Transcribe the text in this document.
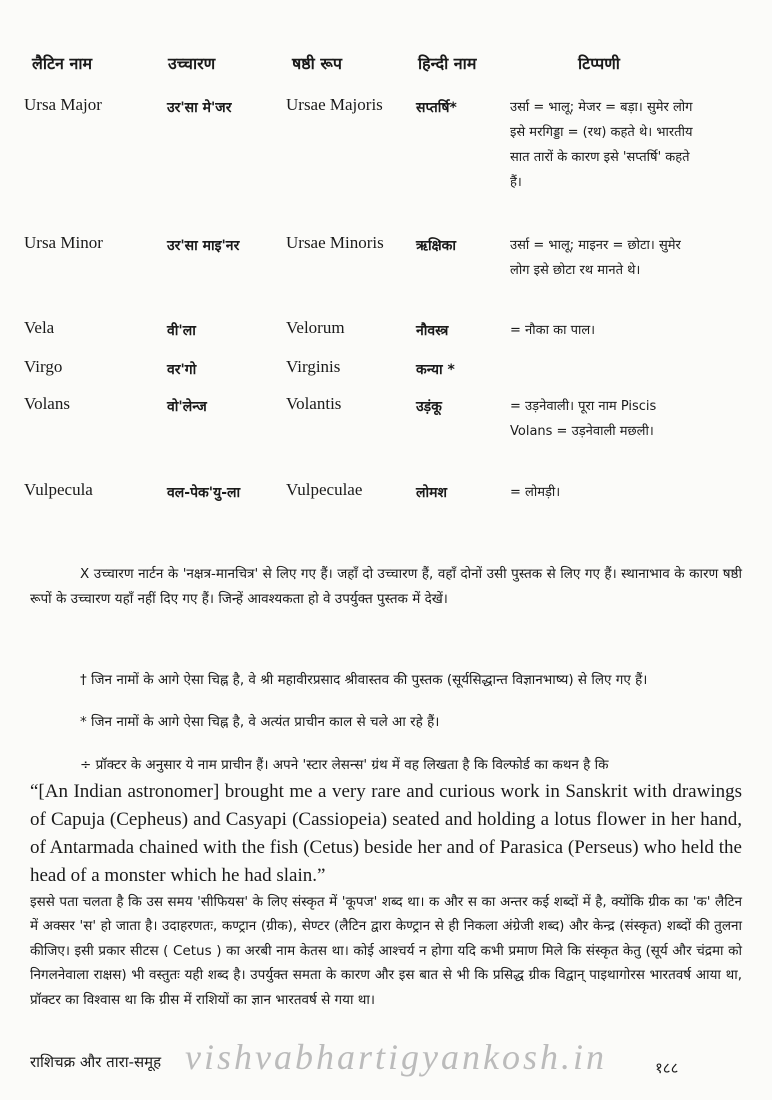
लैटिन नाम	उच्चारण	षष्ठी रूप	हिन्दी नाम	टिप्पणी
Ursa Major	उर'सा मे'जर	Ursae Majoris सप्तर्षि*	उर्सा = भालू; मेजर = बड़ा। सुमेर लोग इसे मरगिड्डा = (रथ) कहते थे। भारतीय सात तारों के कारण इसे 'सप्तर्षि' कहते हैं।
Ursa Minor	उर'सा माइ'नर	Ursae Minoris ऋक्षिका	उर्सा = भालू; माइनर = छोटा। सुमेर लोग इसे छोटा रथ मानते थे।
Vela	वी'ला	Velorum	नौवस्त्र	= नौका का पाल।
Virgo	वर'गो	Virginis	कन्या *
Volans	वो'लेन्ज	Volantis	उड़ंकू	= उड़नेवाली। पूरा नाम Piscis Volans = उड़नेवाली मछली।
Vulpecula	वल-पेक'यु-ला	Vulpeculae	लोमश	= लोमड़ी।
X उच्चारण नार्टन के 'नक्षत्र-मानचित्र' से लिए गए हैं। जहाँ दो उच्चारण हैं, वहाँ दोनों उसी पुस्तक से लिए गए हैं। स्थानाभाव के कारण षष्ठी रूपों के उच्चारण यहाँ नहीं दिए गए हैं। जिन्हें आवश्यकता हो वे उपर्युक्त पुस्तक में देखें।
† जिन नामों के आगे ऐसा चिह्न है, वे श्री महावीरप्रसाद श्रीवास्तव की पुस्तक (सूर्यसिद्धान्त विज्ञानभाष्य) से लिए गए हैं।
* जिन नामों के आगे ऐसा चिह्न है, वे अत्यंत प्राचीन काल से चले आ रहे हैं।
÷ प्रॉक्टर के अनुसार ये नाम प्राचीन हैं। अपने 'स्टार लेसन्स' ग्रंथ में वह लिखता है कि विल्फोर्ड का कथन है कि
“[An Indian astronomer] brought me a very rare and curious work in Sanskrit with drawings of Capuja (Cepheus) and Casyapi (Cassiopeia) seated and holding a lotus flower in her hand, of Antarmada chained with the fish (Cetus) beside her and of Parasica (Perseus) who held the head of a monster which he had slain.”
इससे पता चलता है कि उस समय 'सीफियस' के लिए संस्कृत में 'कूपज' शब्द था। क और स का अन्तर कई शब्दों में है, क्योंकि ग्रीक का 'क' लैटिन में अक्सर 'स' हो जाता है। उदाहरणतः, कण्ट्रान (ग्रीक), सेण्टर (लैटिन द्वारा केण्ट्रान से ही निकला अंग्रेजी शब्द) और केन्द्र (संस्कृत) शब्दों की तुलना कीजिए। इसी प्रकार सीटस ( Cetus ) का अरबी नाम केतस था। कोई आश्चर्य न होगा यदि कभी प्रमाण मिले कि संस्कृत केतु (सूर्य और चंद्रमा को निगलनेवाला राक्षस) भी वस्तुतः यही शब्द है। उपर्युक्त समता के कारण और इस बात से भी कि प्रसिद्ध ग्रीक विद्वान् पाइथागोरस भारतवर्ष आया था, प्रॉक्टर का विश्वास था कि ग्रीस में राशियों का ज्ञान भारतवर्ष से गया था।
राशिचक्र और तारा-समूह vishvabhartigyankosh.in	१८८
